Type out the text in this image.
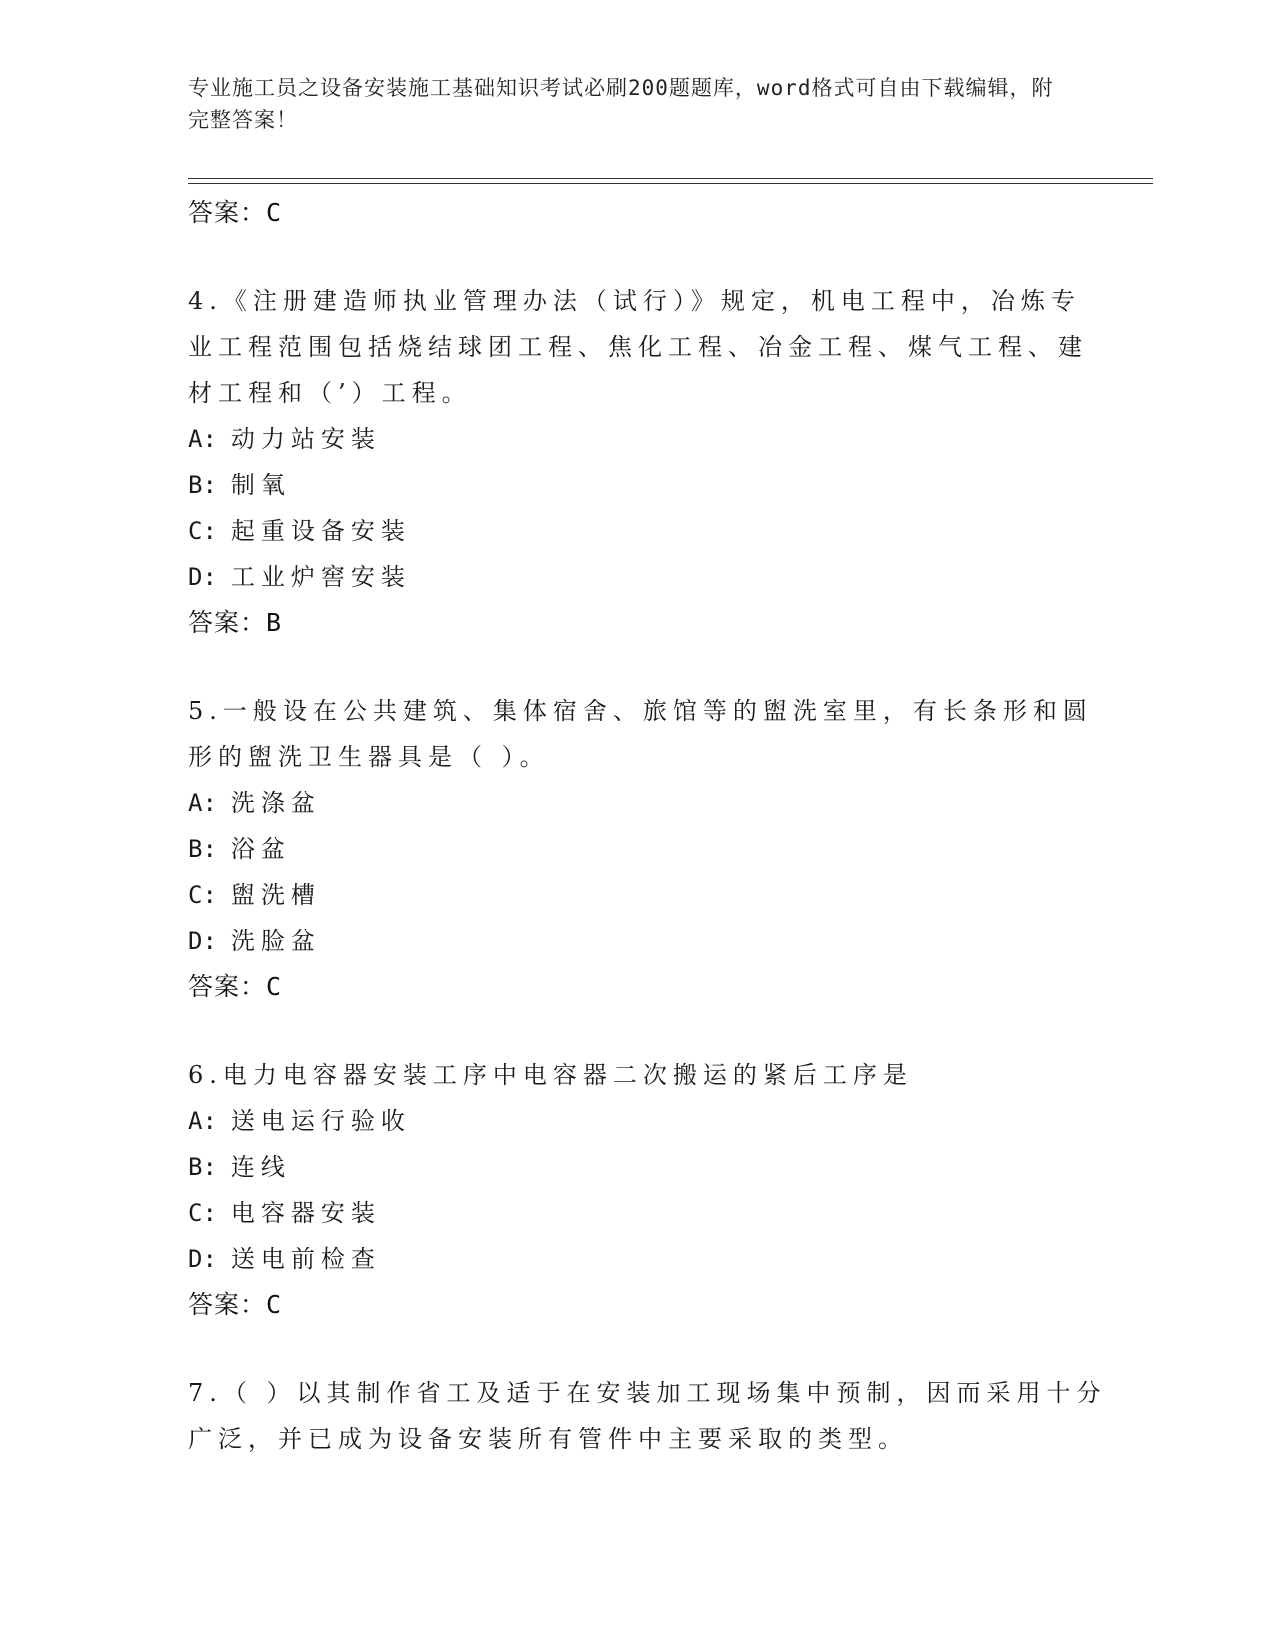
专业施工员之设备安装施工基础知识考试必刷200题题库，word格式可自由下载编辑，附完整答案！
答案：C
4.《注册建造师执业管理办法（试行）》规定，机电工程中，冶炼专
业工程范围包括烧结球团工程、焦化工程、冶金工程、煤气工程、建
材工程和（’）工程。
A: 动力站安装
B: 制氧
C: 起重设备安装
D: 工业炉窖安装
答案：B
5.一般设在公共建筑、集体宿舍、旅馆等的盥洗室里，有长条形和圆
形的盥洗卫生器具是（ ）。
A: 洗涤盆
B: 浴盆
C: 盥洗槽
D: 洗脸盆
答案：C
6.电力电容器安装工序中电容器二次搬运的紧后工序是
A: 送电运行验收
B: 连线
C: 电容器安装
D: 送电前检查
答案：C
7.（ ）以其制作省工及适于在安装加工现场集中预制，因而采用十分
广泛，并已成为设备安装所有管件中主要采取的类型。
